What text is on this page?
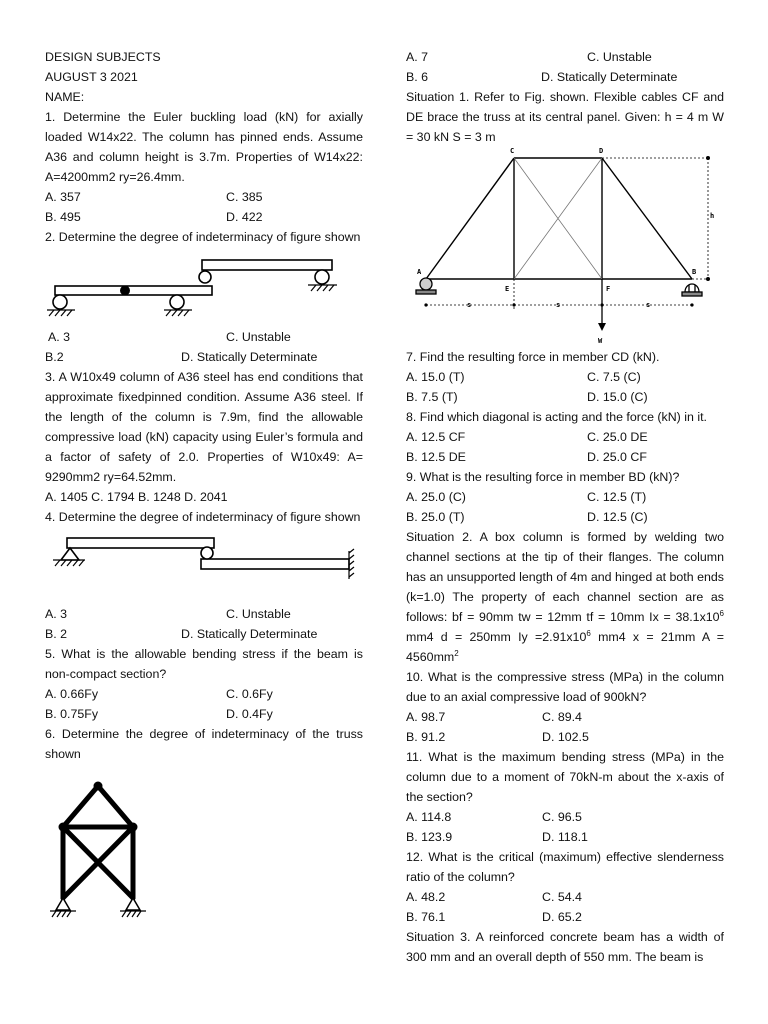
DESIGN SUBJECTS
AUGUST 3 2021
NAME:

1. Determine the Euler buckling load (kN) for axially loaded W14x22. The column has pinned ends. Assume A36 and column height is 3.7m. Properties of W14x22: A=4200mm2 ry=26.4mm.

A. 357	C. 385
B. 495	D. 422

2. Determine the degree of indeterminacy of figure shown

A. 3	C. Unstable
B.2	D. Statically Determinate

3. A W10x49 column of A36 steel has end conditions that approximate fixedpinned condition. Assume A36 steel. If the length of the column is 7.9m, find the allowable compressive load (kN) capacity using Euler’s formula and a factor of safety of 2.0. Properties of W10x49: A= 9290mm2 ry=64.52mm.

A. 1405 C. 1794 B. 1248 D. 2041

4. Determine the degree of indeterminacy of figure shown

A. 3	C. Unstable
B. 2	D. Statically Determinate

5. What is the allowable bending stress if the beam is non-compact section?

A. 0.66Fy	C. 0.6Fy
B. 0.75Fy	D. 0.4Fy

6. Determine the degree of indeterminacy of the truss shown

A. 7	C. Unstable
B. 6	D. Statically Determinate

Situation 1. Refer to Fig. shown. Flexible cables CF and DE brace the truss at its central panel. Given: h = 4 m W = 30 kN S = 3 m

C	D
A	B
E	F
h
s	s	s
W

7. Find the resulting force in member CD (kN).

A. 15.0 (T)	C. 7.5 (C)
B. 7.5 (T)	D. 15.0 (C)

8. Find which diagonal is acting and the force (kN) in it.

A. 12.5 CF	C. 25.0 DE
B. 12.5 DE	D. 25.0 CF

9. What is the resulting force in member BD (kN)?

A. 25.0 (C)	C. 12.5 (T)
B. 25.0 (T)	D. 12.5 (C)

Situation 2. A box column is formed by welding two channel sections at the tip of their flanges. The column has an unsupported length of 4m and hinged at both ends (k=1.0) The property of each channel section are as follows: bf = 90mm tw = 12mm tf = 10mm $Ix = 38.1x10^6$ mm4 d = 250mm $Iy =2.91x10^6$ mm4 x = 21mm $A = 4560mm^2$

10. What is the compressive stress (MPa) in the column due to an axial compressive load of 900kN?

A. 98.7	C. 89.4
B. 91.2	D. 102.5

11. What is the maximum bending stress (MPa) in the column due to a moment of 70kN-m about the x-axis of the section?

A. 114.8	C. 96.5
B. 123.9	D. 118.1

12. What is the critical (maximum) effective slenderness ratio of the column?

A. 48.2	C. 54.4
B. 76.1	D. 65.2

Situation 3. A reinforced concrete beam has a width of 300 mm and an overall depth of 550 mm. The beam is
